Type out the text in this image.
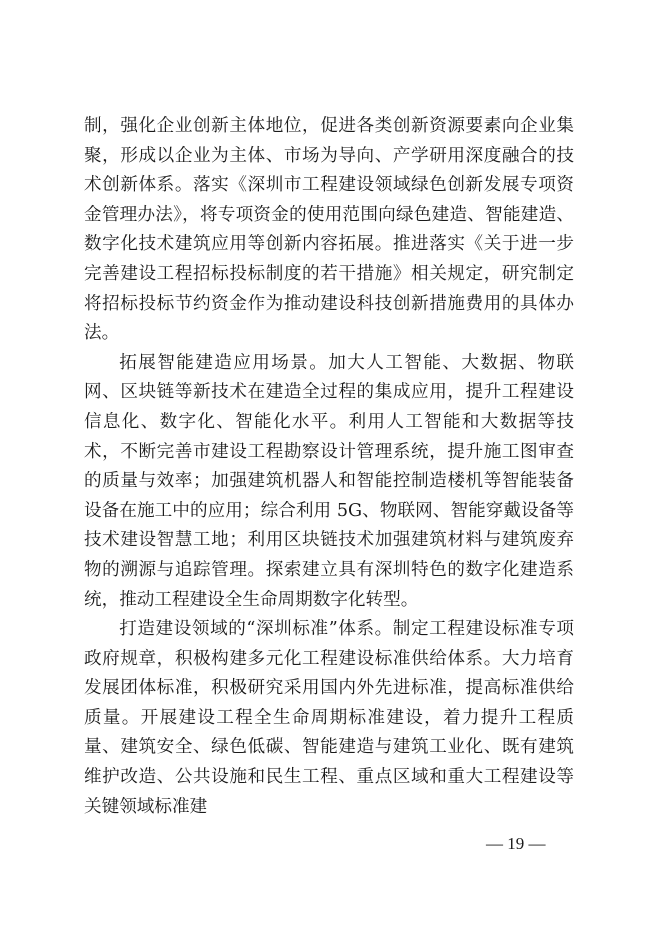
制，强化企业创新主体地位，促进各类创新资源要素向企业集聚，形成以企业为主体、市场为导向、产学研用深度融合的技术创新体系。落实《深圳市工程建设领域绿色创新发展专项资金管理办法》，将专项资金的使用范围向绿色建造、智能建造、数字化技术建筑应用等创新内容拓展。推进落实《关于进一步完善建设工程招标投标制度的若干措施》相关规定，研究制定将招标投标节约资金作为推动建设科技创新措施费用的具体办法。

拓展智能建造应用场景。加大人工智能、大数据、物联网、区块链等新技术在建造全过程的集成应用，提升工程建设信息化、数字化、智能化水平。利用人工智能和大数据等技术，不断完善市建设工程勘察设计管理系统，提升施工图审查的质量与效率；加强建筑机器人和智能控制造楼机等智能装备设备在施工中的应用；综合利用 5G、物联网、智能穿戴设备等技术建设智慧工地；利用区块链技术加强建筑材料与建筑废弃物的溯源与追踪管理。探索建立具有深圳特色的数字化建造系统，推动工程建设全生命周期数字化转型。

打造建设领域的“深圳标准”体系。制定工程建设标准专项政府规章，积极构建多元化工程建设标准供给体系。大力培育发展团体标准，积极研究采用国内外先进标准，提高标准供给质量。开展建设工程全生命周期标准建设，着力提升工程质量、建筑安全、绿色低碳、智能建造与建筑工业化、既有建筑维护改造、公共设施和民生工程、重点区域和重大工程建设等关键领域标准建

— 19 —
